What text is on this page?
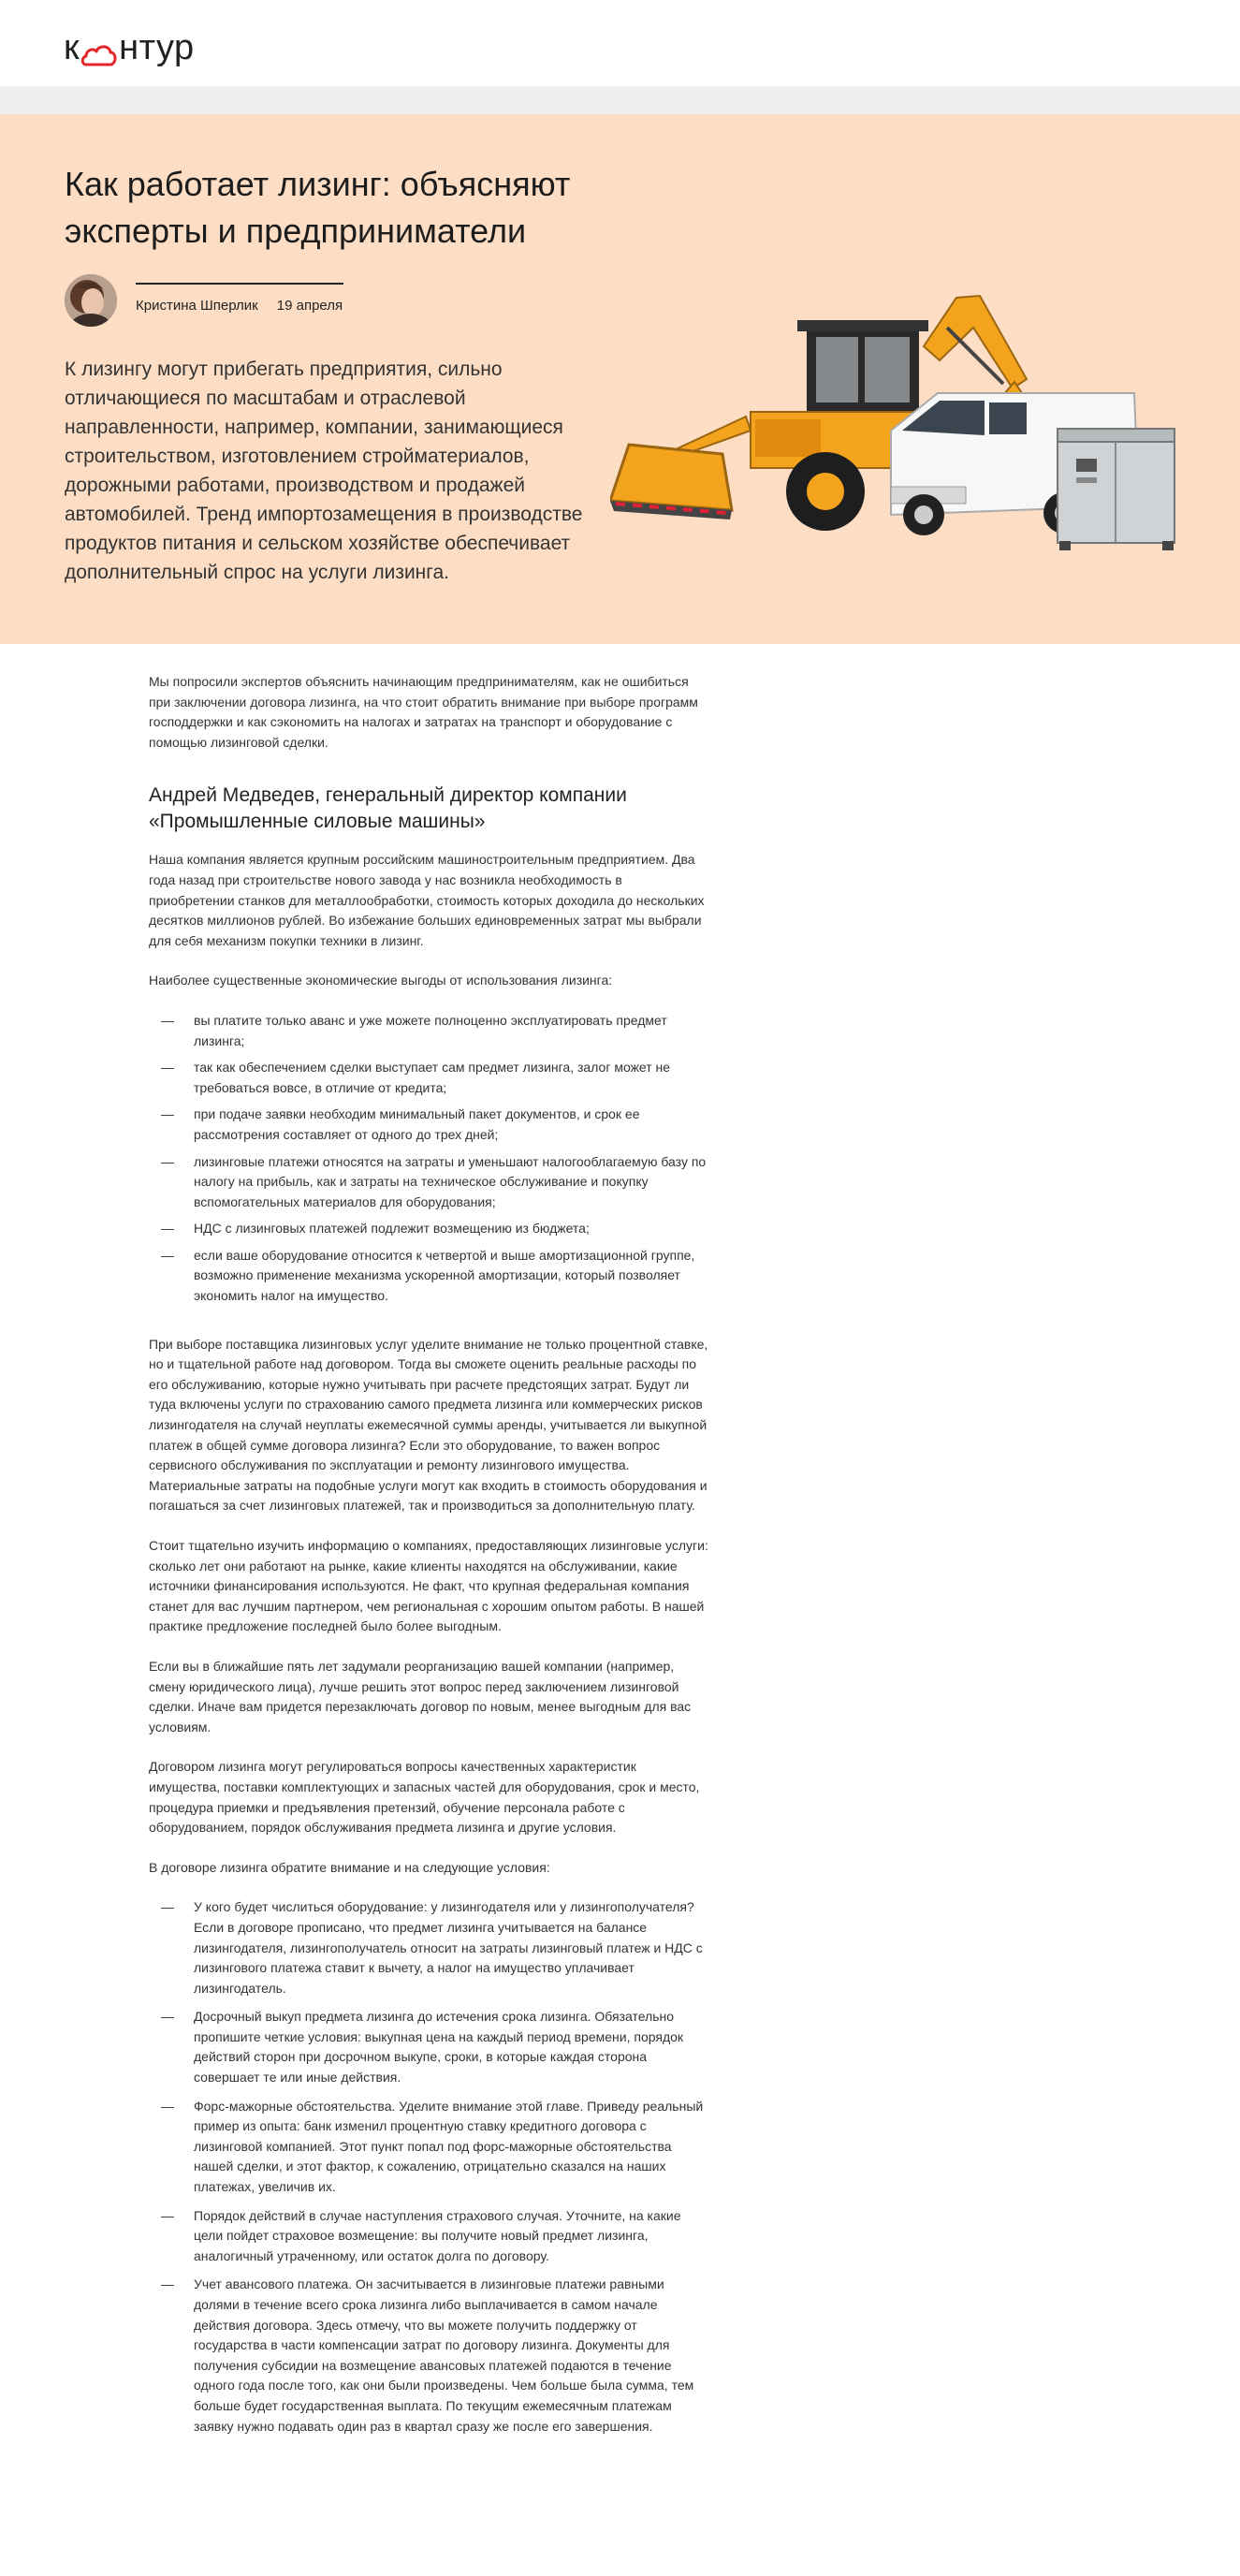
к нтур
Как работает лизинг: объясняют эксперты и предприниматели
Кристина Шперлик 19 апреля

К лизингу могут прибегать предприятия, сильно отличающиеся по масштабам и отраслевой направленности, например, компании, занимающиеся строительством, изготовлением стройматериалов, дорожными работами, производством и продажей автомобилей. Тренд импортозамещения в производстве продуктов питания и сельском хозяйстве обеспечивает дополнительный спрос на услуги лизинга.

Мы попросили экспертов объяснить начинающим предпринимателям, как не ошибиться при заключении договора лизинга, на что стоит обратить внимание при выборе программ господдержки и как сэкономить на налогах и затратах на транспорт и оборудование с помощью лизинговой сделки.

Андрей Медведев, генеральный директор компании «Промышленные силовые машины»

Наша компания является крупным российским машиностроительным предприятием. Два года назад при строительстве нового завода у нас возникла необходимость в приобретении станков для металлообработки, стоимость которых доходила до нескольких десятков миллионов рублей. Во избежание больших единовременных затрат мы выбрали для себя механизм покупки техники в лизинг.

Наиболее существенные экономические выгоды от использования лизинга:

— вы платите только аванс и уже можете полноценно эксплуатировать предмет лизинга;
— так как обеспечением сделки выступает сам предмет лизинга, залог может не требоваться вовсе, в отличие от кредита;
— при подаче заявки необходим минимальный пакет документов, и срок ее рассмотрения составляет от одного до трех дней;
— лизинговые платежи относятся на затраты и уменьшают налогооблагаемую базу по налогу на прибыль, как и затраты на техническое обслуживание и покупку вспомогательных материалов для оборудования;
— НДС с лизинговых платежей подлежит возмещению из бюджета;
— если ваше оборудование относится к четвертой и выше амортизационной группе, возможно применение механизма ускоренной амортизации, который позволяет экономить налог на имущество.

При выборе поставщика лизинговых услуг уделите внимание не только процентной ставке, но и тщательной работе над договором. Тогда вы сможете оценить реальные расходы по его обслуживанию, которые нужно учитывать при расчете предстоящих затрат. Будут ли туда включены услуги по страхованию самого предмета лизинга или коммерческих рисков лизингодателя на случай неуплаты ежемесячной суммы аренды, учитывается ли выкупной платеж в общей сумме договора лизинга? Если это оборудование, то важен вопрос сервисного обслуживания по эксплуатации и ремонту лизингового имущества. Материальные затраты на подобные услуги могут как входить в стоимость оборудования и погашаться за счет лизинговых платежей, так и производиться за дополнительную плату.

Стоит тщательно изучить информацию о компаниях, предоставляющих лизинговые услуги: сколько лет они работают на рынке, какие клиенты находятся на обслуживании, какие источники финансирования используются. Не факт, что крупная федеральная компания станет для вас лучшим партнером, чем региональная с хорошим опытом работы. В нашей практике предложение последней было более выгодным.

Если вы в ближайшие пять лет задумали реорганизацию вашей компании (например, смену юридического лица), лучше решить этот вопрос перед заключением лизинговой сделки. Иначе вам придется перезаключать договор по новым, менее выгодным для вас условиям.

Договором лизинга могут регулироваться вопросы качественных характеристик имущества, поставки комплектующих и запасных частей для оборудования, срок и место, процедура приемки и предъявления претензий, обучение персонала работе с оборудованием, порядок обслуживания предмета лизинга и другие условия.

В договоре лизинга обратите внимание и на следующие условия:

— У кого будет числиться оборудование: у лизингодателя или у лизингополучателя? Если в договоре прописано, что предмет лизинга учитывается на балансе лизингодателя, лизингополучатель относит на затраты лизинговый платеж и НДС с лизингового платежа ставит к вычету, а налог на имущество уплачивает лизингодатель.
— Досрочный выкуп предмета лизинга до истечения срока лизинга. Обязательно пропишите четкие условия: выкупная цена на каждый период времени, порядок действий сторон при досрочном выкупе, сроки, в которые каждая сторона совершает те или иные действия.
— Форс-мажорные обстоятельства. Уделите внимание этой главе. Приведу реальный пример из опыта: банк изменил процентную ставку кредитного договора с лизинговой компанией. Этот пункт попал под форс-мажорные обстоятельства нашей сделки, и этот фактор, к сожалению, отрицательно сказался на наших платежах, увеличив их.
— Порядок действий в случае наступления страхового случая. Уточните, на какие цели пойдет страховое возмещение: вы получите новый предмет лизинга, аналогичный утраченному, или остаток долга по договору.
— Учет авансового платежа. Он засчитывается в лизинговые платежи равными долями в течение всего срока лизинга либо выплачивается в самом начале действия договора. Здесь отмечу, что вы можете получить поддержку от государства в части компенсации затрат по договору лизинга. Документы для получения субсидии на возмещение авансовых платежей подаются в течение одного года после того, как они были произведены. Чем больше была сумма, тем больше будет государственная выплата. По текущим ежемесячным платежам заявку нужно подавать один раз в квартал сразу же после его завершения.
